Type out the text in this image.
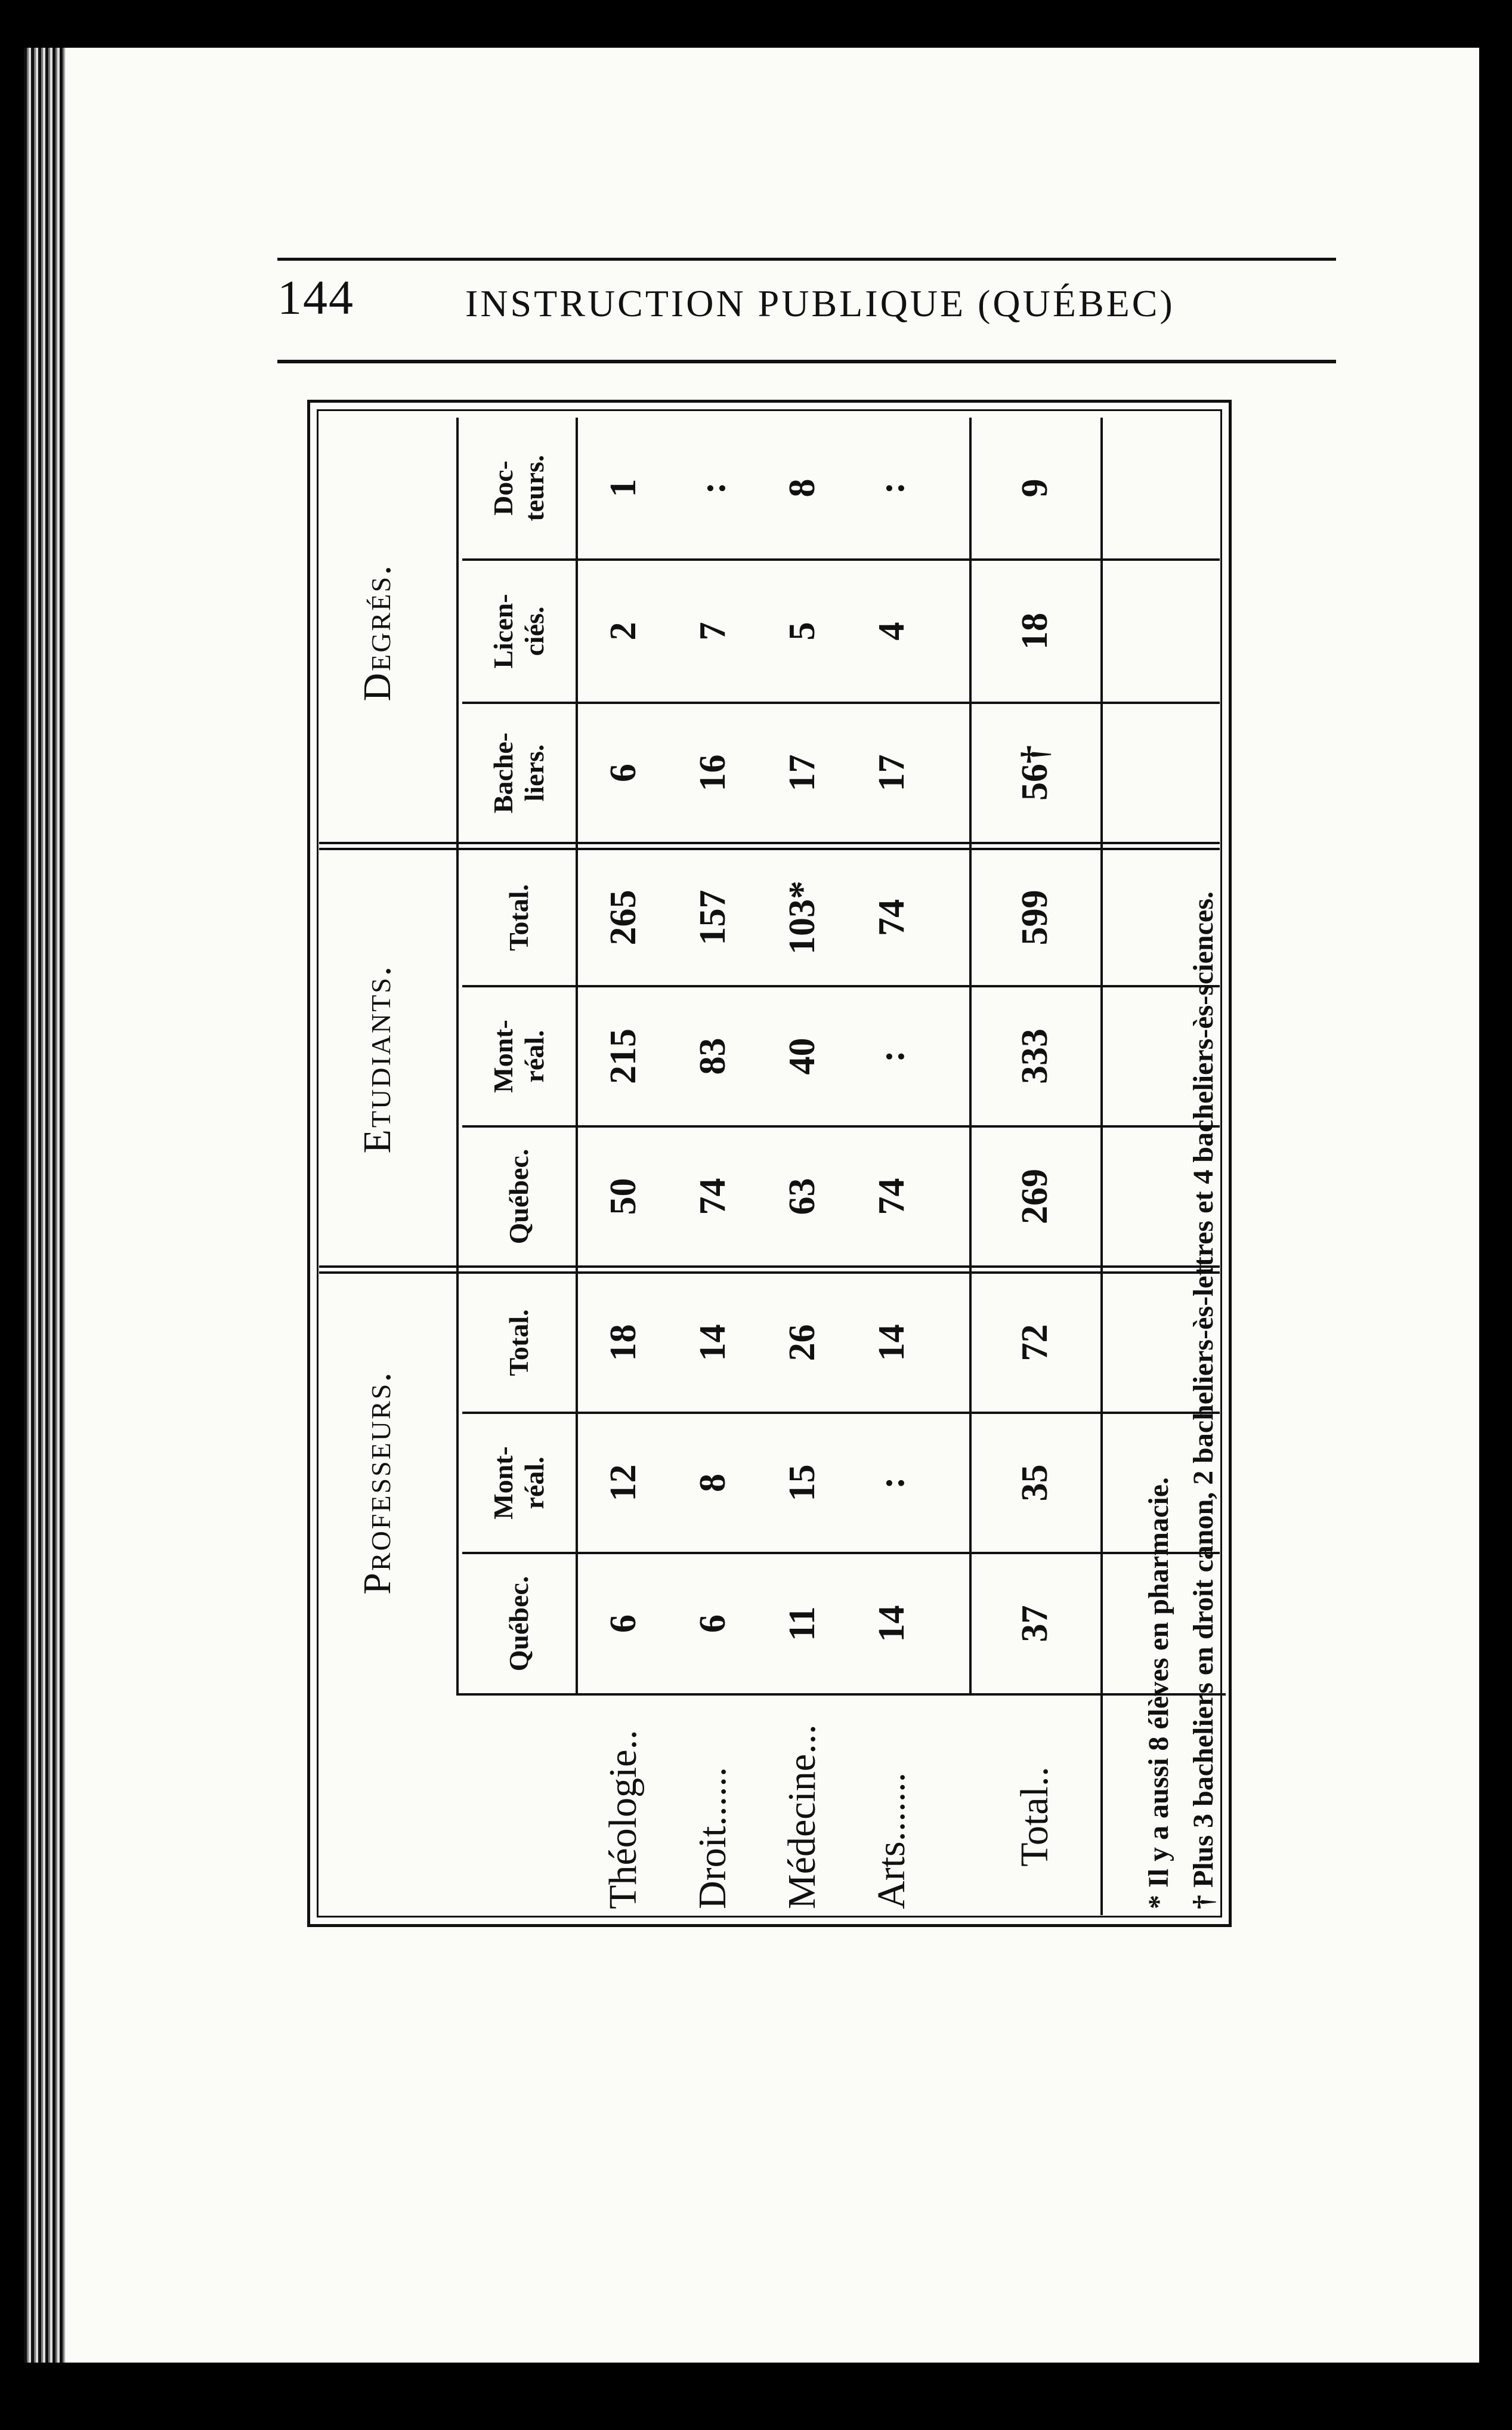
144	INSTRUCTION PUBLIQUE (QUÉBEC)
Professeurs.
Etudiants.
Degrés.
Québec.
Mont-
réal.
Total.
Québec.
Mont-
réal.
Total.
Bache-
liers.
Licen-
ciés.
Doc-
teurs.
Théologie..
6
12
18
50
215
265
6
2
1
Droit......
6
8
14
74
83
157
16
7
:
Médecine...
11
15
26
63
40
103*
17
5
8
Arts.......
14
:
14
74
:
74
17
4
:
Total..
37
35
72
269
333
599
56†
18
9
* Il y a aussi 8 élèves en pharmacie. † Plus 3 bacheliers en droit canon, 2 bacheliers-ès-lettres et 4 bacheliers-ès-sciences.
